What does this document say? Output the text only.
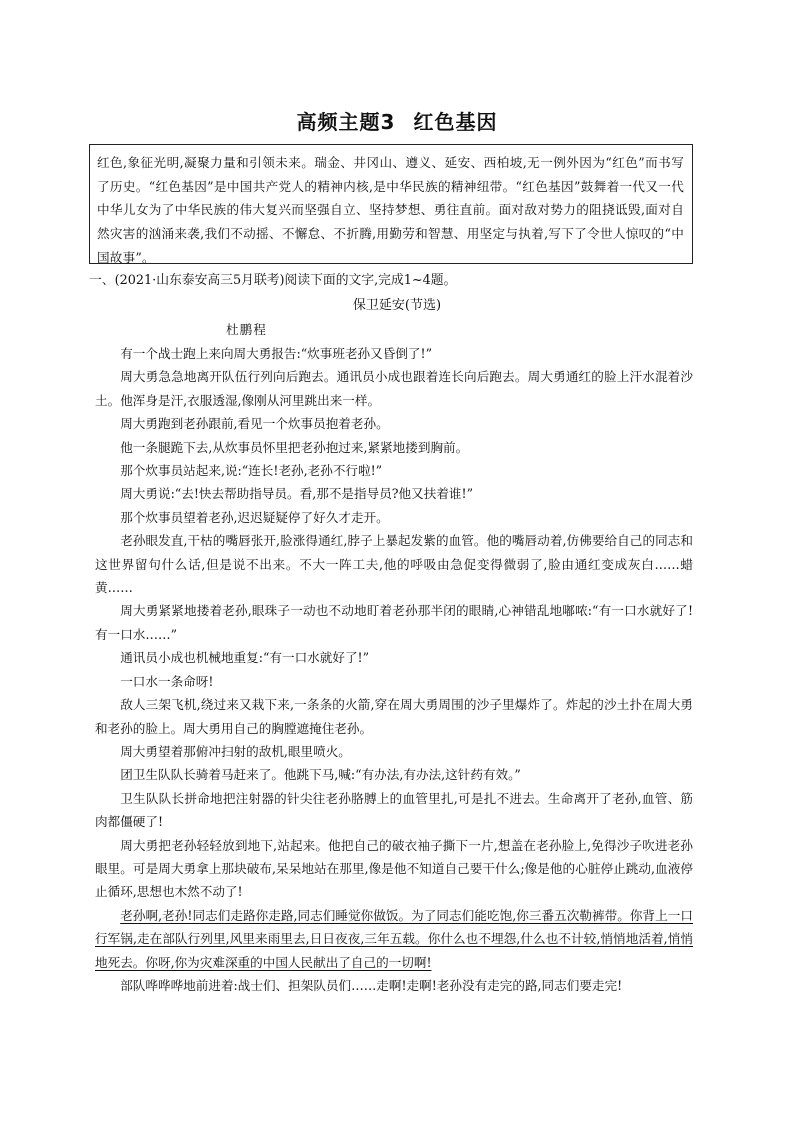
高频主题3 红色基因
红色,象征光明,凝聚力量和引领未来。瑞金、井冈山、遵义、延安、西柏坡,无一例外因为“红色”而书写了历史。“红色基因”是中国共产党人的精神内核,是中华民族的精神纽带。“红色基因”鼓舞着一代又一代中华儿女为了中华民族的伟大复兴而坚强自立、坚持梦想、勇往直前。面对敌对势力的阻挠诋毁,面对自然灾害的汹涌来袭,我们不动摇、不懈怠、不折腾,用勤劳和智慧、用坚定与执着,写下了令世人惊叹的“中国故事”。
一、(2021·山东泰安高三5月联考)阅读下面的文字,完成1~4题。
保卫延安(节选)
杜鹏程

有一个战士跑上来向周大勇报告:“炊事班老孙又昏倒了!”

周大勇急急地离开队伍行列向后跑去。通讯员小成也跟着连长向后跑去。周大勇通红的脸上汗水混着沙土。他浑身是汗,衣服透湿,像刚从河里跳出来一样。

周大勇跑到老孙跟前,看见一个炊事员抱着老孙。

他一条腿跪下去,从炊事员怀里把老孙抱过来,紧紧地搂到胸前。

那个炊事员站起来,说:“连长!老孙,老孙不行啦!”

周大勇说:“去!快去帮助指导员。看,那不是指导员?他又扶着谁!”

那个炊事员望着老孙,迟迟疑疑停了好久才走开。

老孙眼发直,干枯的嘴唇张开,脸涨得通红,脖子上暴起发紫的血管。他的嘴唇动着,仿佛要给自己的同志和这世界留句什么话,但是说不出来。不大一阵工夫,他的呼吸由急促变得微弱了,脸由通红变成灰白……蜡黄……

周大勇紧紧地搂着老孙,眼珠子一动也不动地盯着老孙那半闭的眼睛,心神错乱地嘟哝:“有一口水就好了!有一口水……”

通讯员小成也机械地重复:“有一口水就好了!”

一口水一条命呀!

敌人三架飞机,绕过来又栽下来,一条条的火箭,穿在周大勇周围的沙子里爆炸了。炸起的沙土扑在周大勇和老孙的脸上。周大勇用自己的胸膛遮掩住老孙。

周大勇望着那俯冲扫射的敌机,眼里喷火。

团卫生队队长骑着马赶来了。他跳下马,喊:“有办法,有办法,这针药有效。”

卫生队队长拼命地把注射器的针尖往老孙胳膊上的血管里扎,可是扎不进去。生命离开了老孙,血管、筋肉都僵硬了!

周大勇把老孙轻轻放到地下,站起来。他把自己的破衣袖子撕下一片,想盖在老孙脸上,免得沙子吹进老孙眼里。可是周大勇拿上那块破布,呆呆地站在那里,像是他不知道自己要干什么;像是他的心脏停止跳动,血液停止循环,思想也木然不动了!

老孙啊,老孙!同志们走路你走路,同志们睡觉你做饭。为了同志们能吃饱,你三番五次勒裤带。你背上一口行军锅,走在部队行列里,风里来雨里去,日日夜夜,三年五载。你什么也不埋怨,什么也不计较,悄悄地活着,悄悄地死去。你呀,你为灾难深重的中国人民献出了自己的一切啊!

部队哗哗哗地前进着:战士们、担架队员们……走啊!走啊!老孙没有走完的路,同志们要走完!
